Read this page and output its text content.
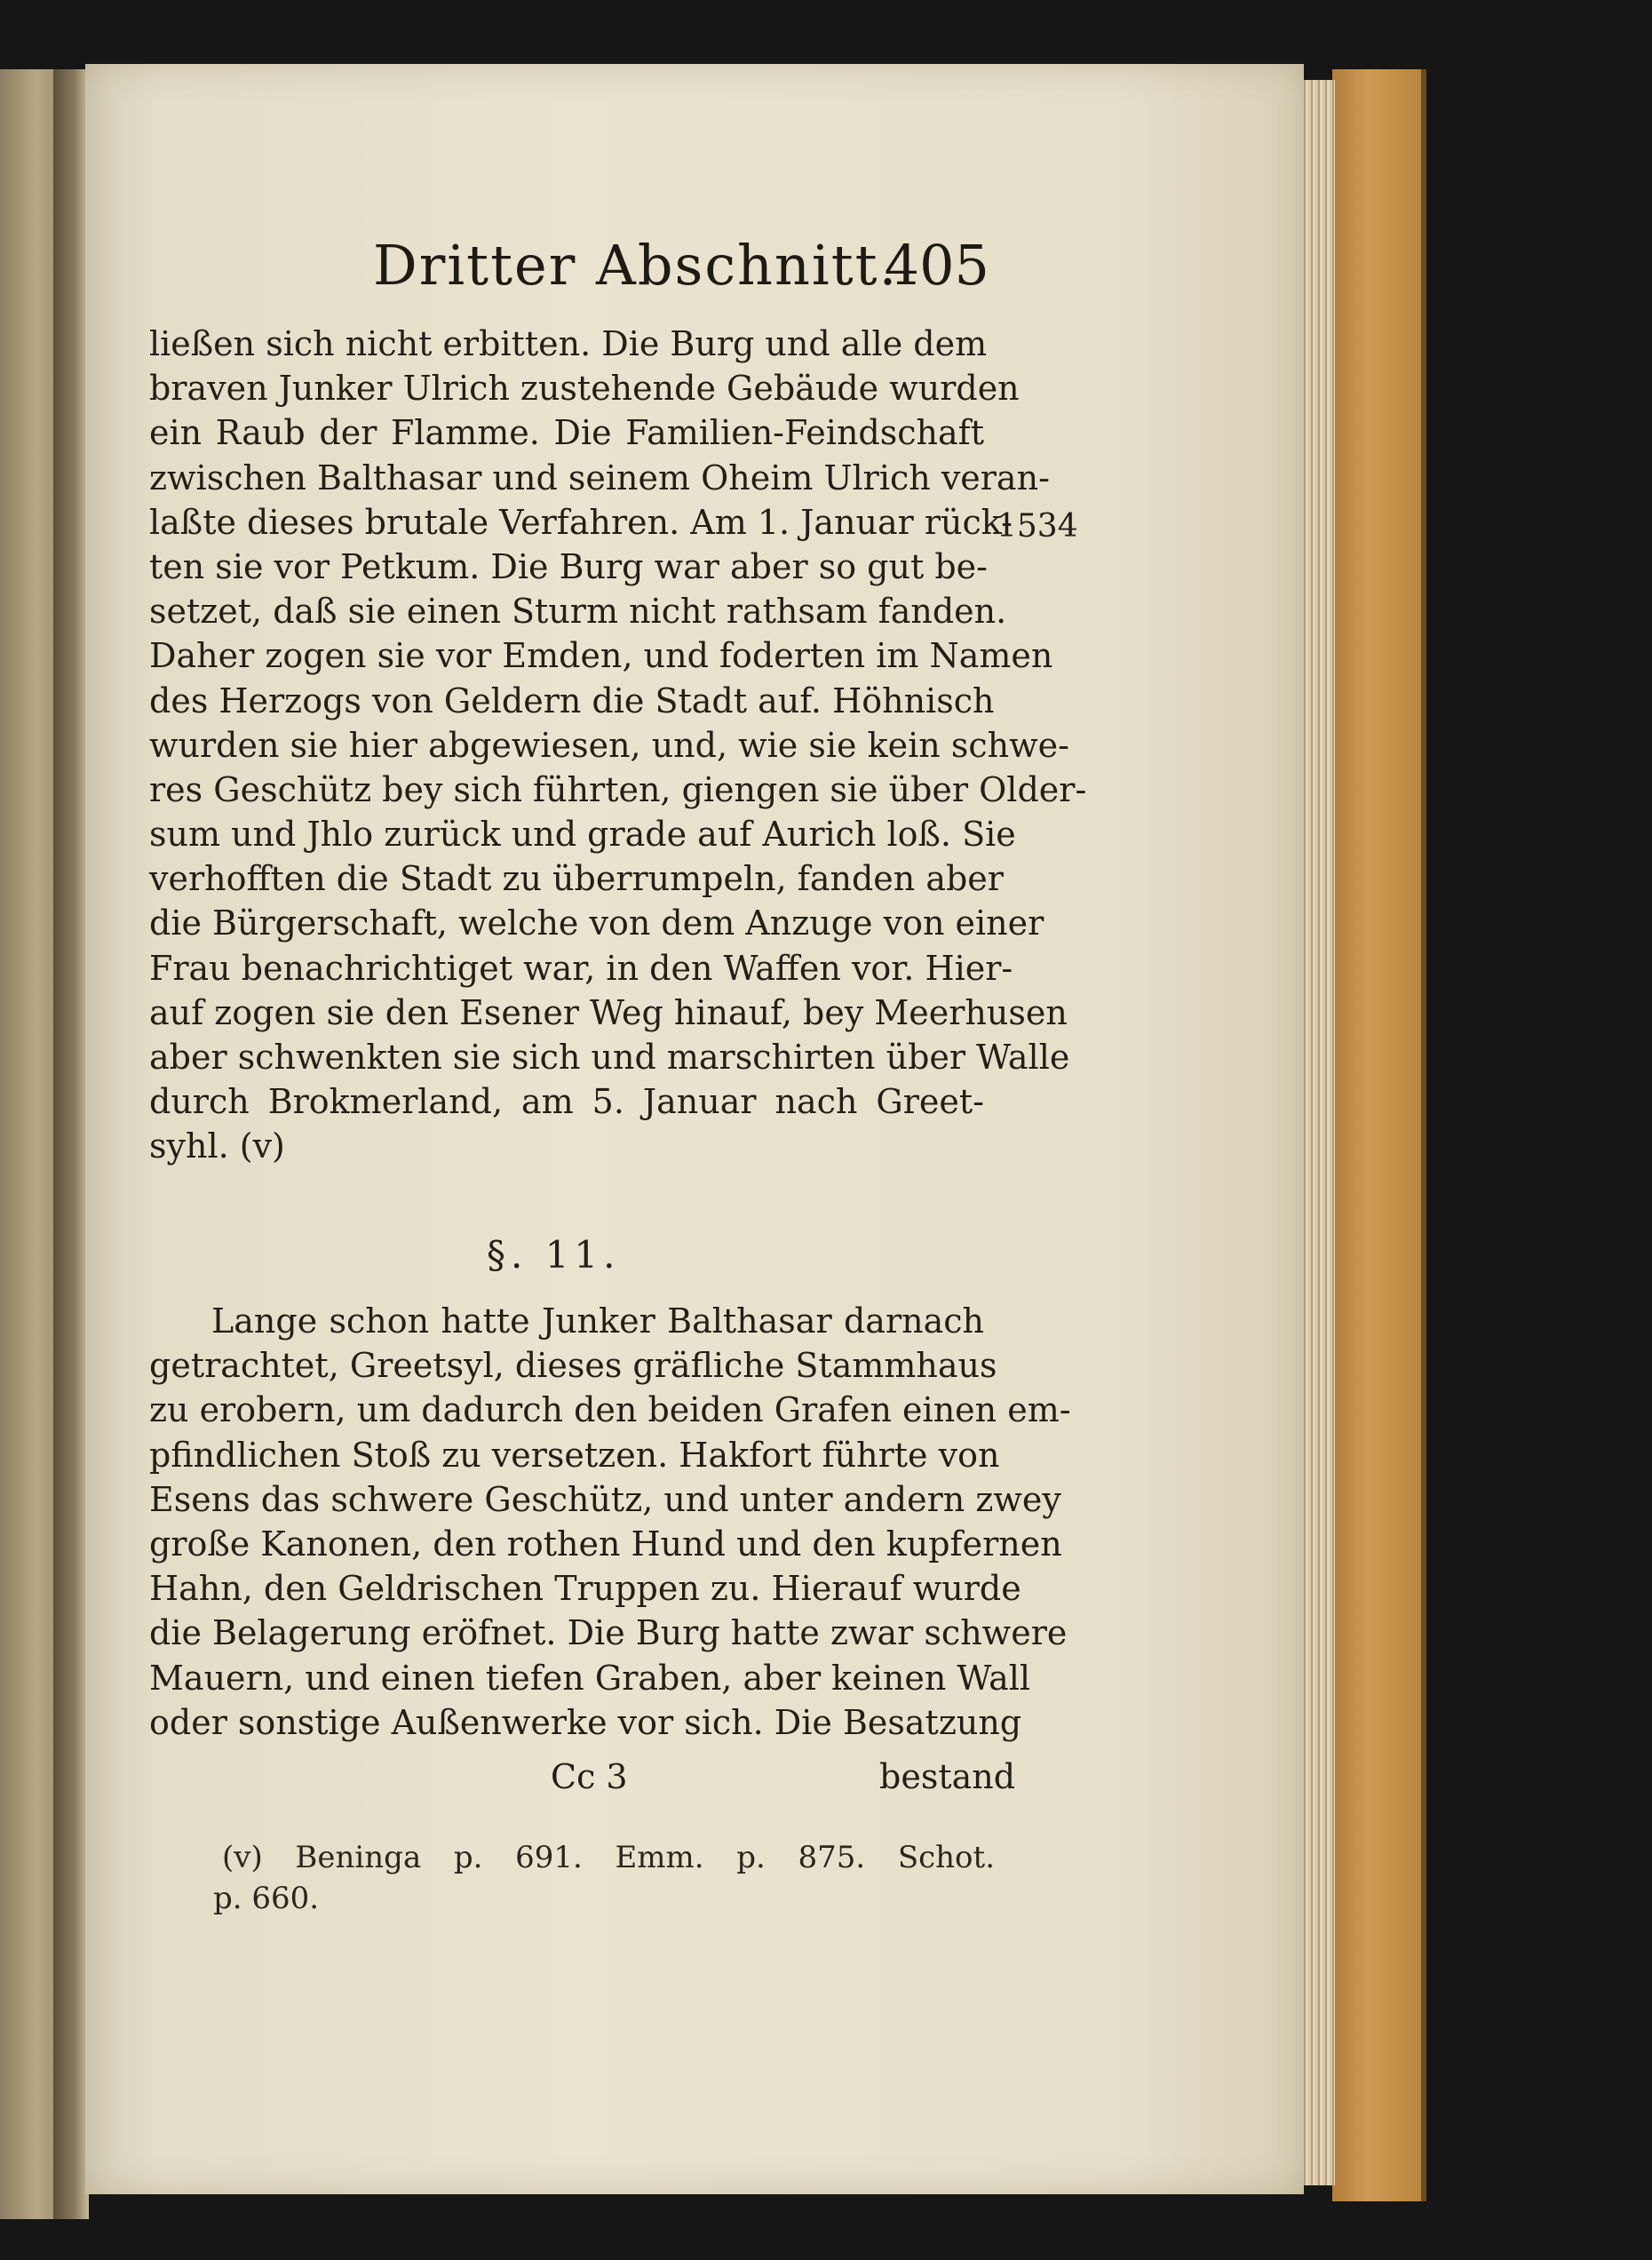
Dritter Abschnitt.
405
ließen sich nicht erbitten. Die Burg und alle dem
braven Junker Ulrich zustehende Gebäude wurden
ein Raub der Flamme. Die Familien-Feindschaft
zwischen Balthasar und seinem Oheim Ulrich veran-
laßte dieses brutale Verfahren. Am 1. Januar rück-
ten sie vor Petkum. Die Burg war aber so gut be-
setzet, daß sie einen Sturm nicht rathsam fanden.
Daher zogen sie vor Emden, und foderten im Namen
des Herzogs von Geldern die Stadt auf. Höhnisch
wurden sie hier abgewiesen, und, wie sie kein schwe-
res Geschütz bey sich führten, giengen sie über Older-
sum und Jhlo zurück und grade auf Aurich loß. Sie
verhofften die Stadt zu überrumpeln, fanden aber
die Bürgerschaft, welche von dem Anzuge von einer
Frau benachrichtiget war, in den Waffen vor. Hier-
auf zogen sie den Esener Weg hinauf, bey Meerhusen
aber schwenkten sie sich und marschirten über Walle
durch Brokmerland, am 5. Januar nach Greet-
syhl. (v)
1534
§. 11.
Lange schon hatte Junker Balthasar darnach
getrachtet, Greetsyl, dieses gräfliche Stammhaus
zu erobern, um dadurch den beiden Grafen einen em-
pfindlichen Stoß zu versetzen. Hakfort führte von
Esens das schwere Geschütz, und unter andern zwey
große Kanonen, den rothen Hund und den kupfernen
Hahn, den Geldrischen Truppen zu. Hierauf wurde
die Belagerung eröfnet. Die Burg hatte zwar schwere
Mauern, und einen tiefen Graben, aber keinen Wall
oder sonstige Außenwerke vor sich. Die Besatzung
Cc 3	bestand
(v) Beninga p. 691. Emm. p. 875. Schot.
p. 660.
